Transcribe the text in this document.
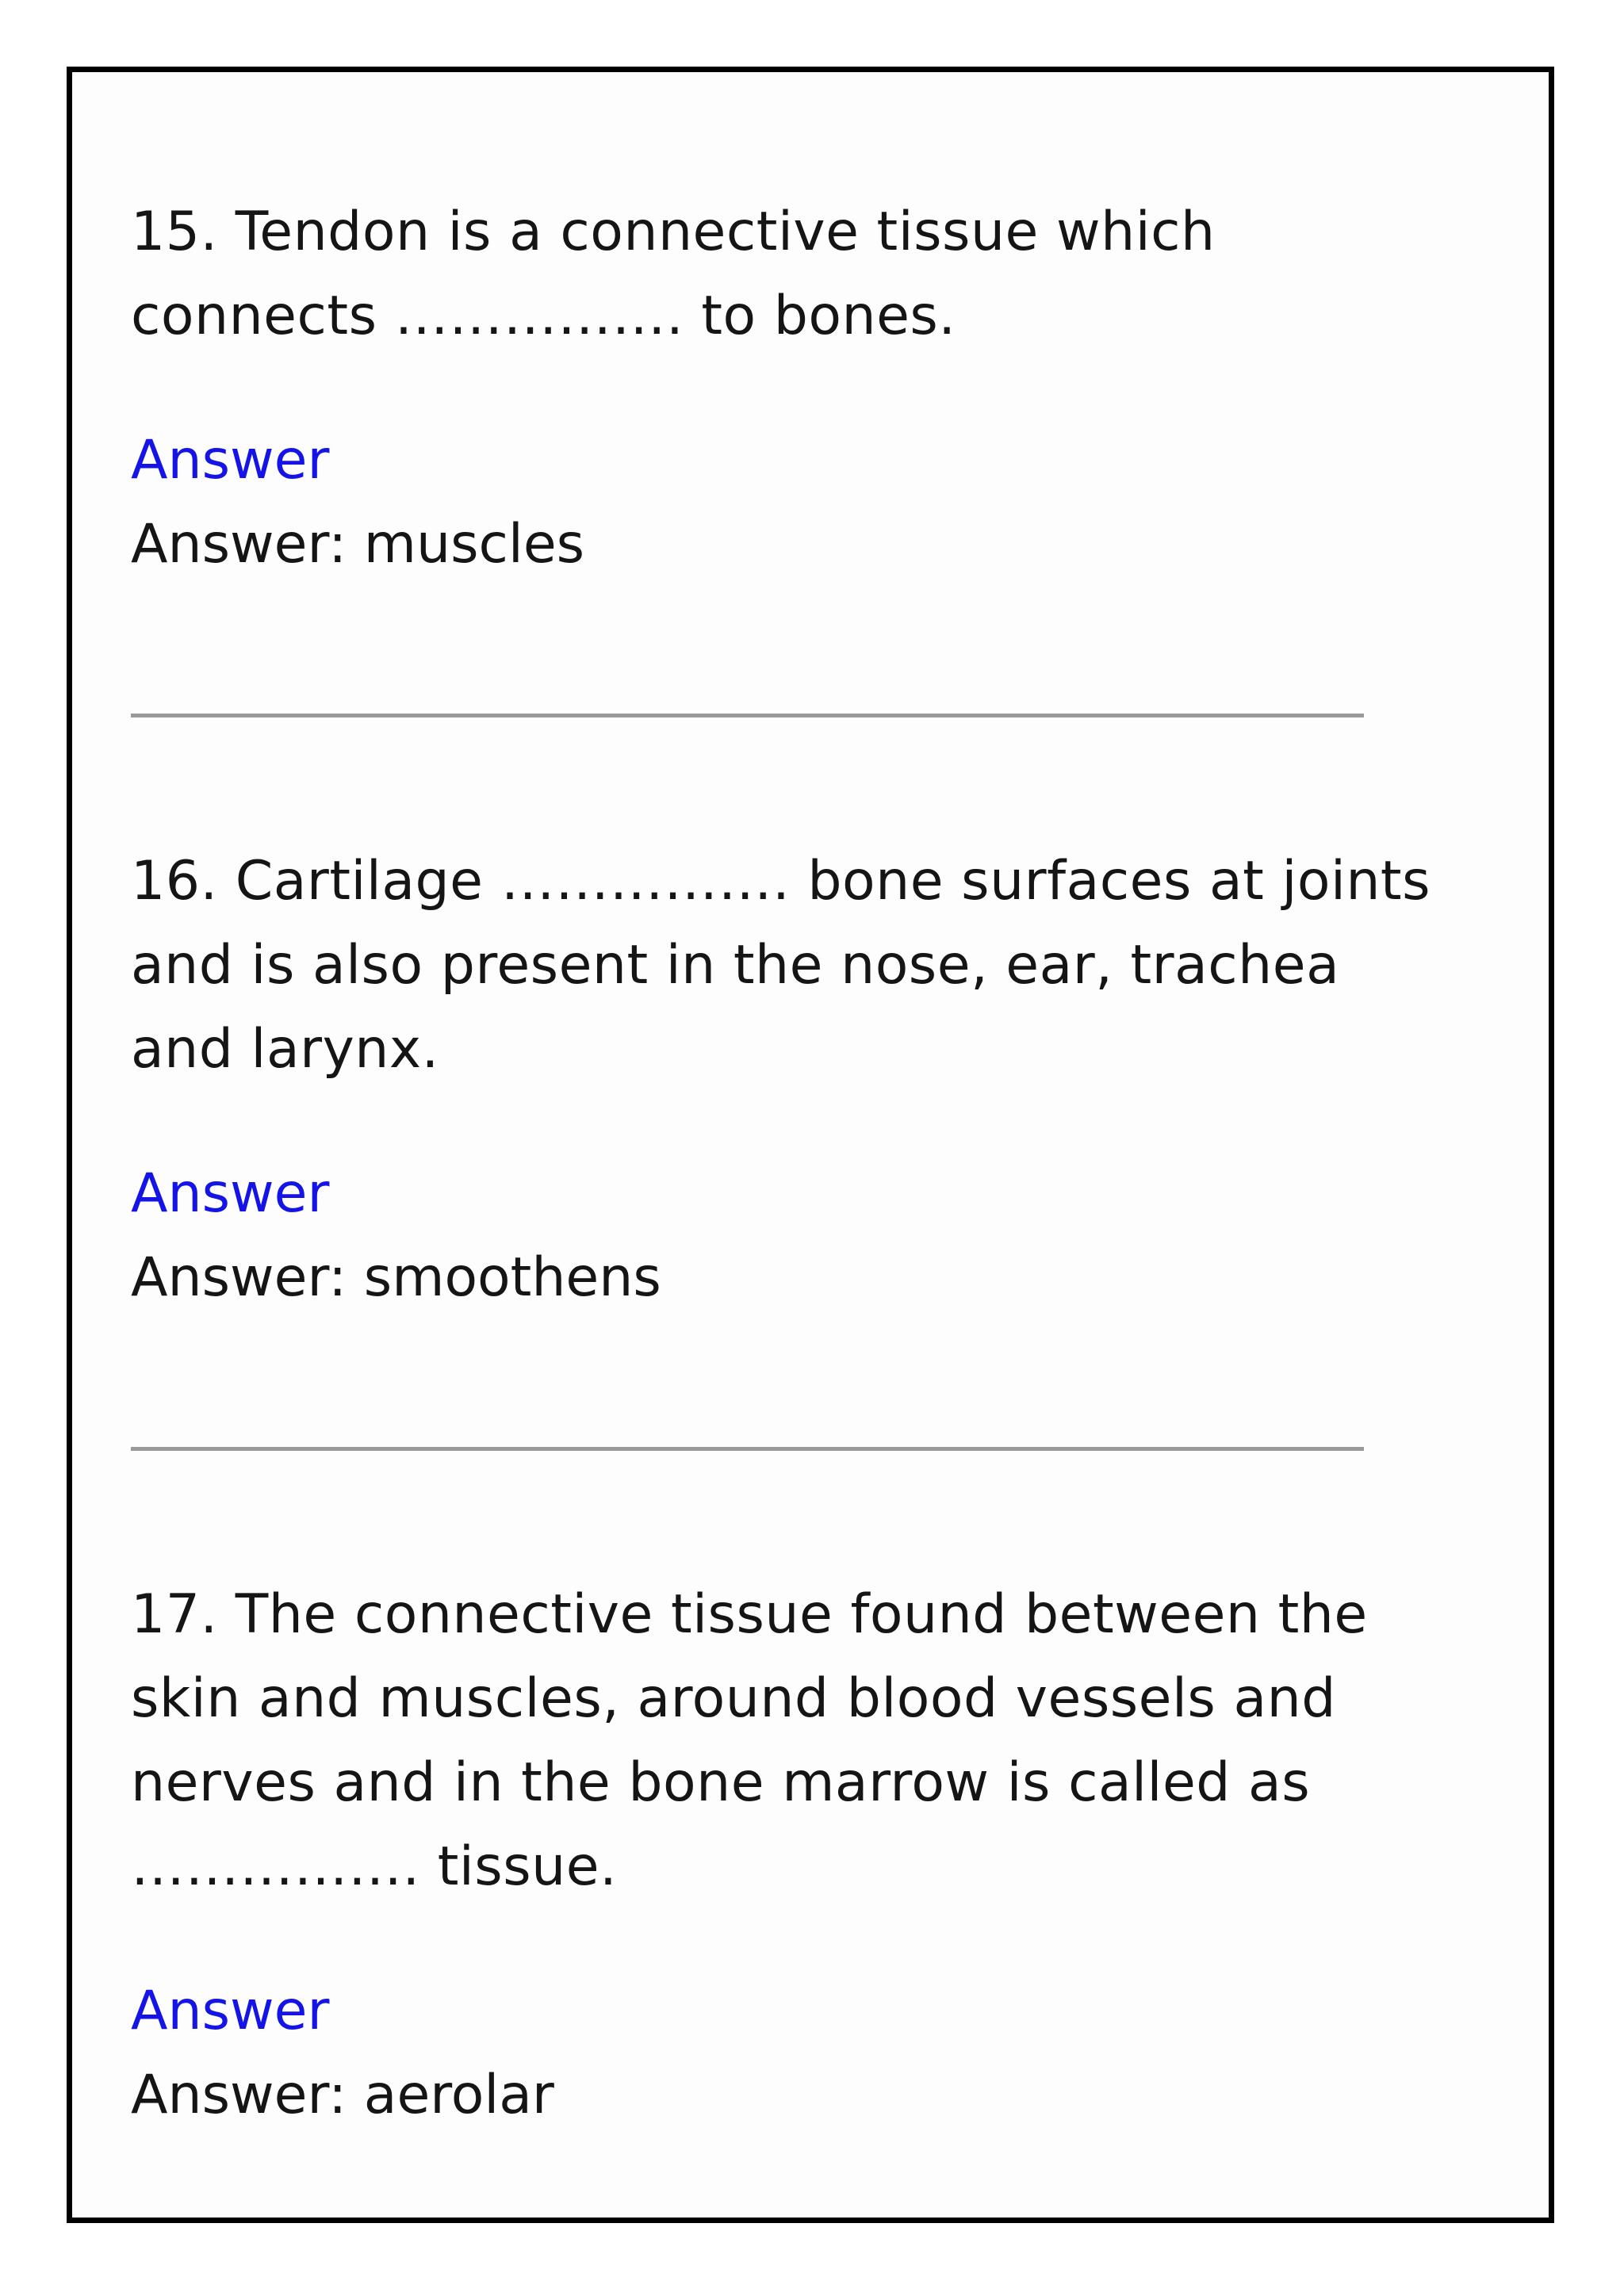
15. Tendon is a connective tissue which connects ……………. to bones.

Answer

Answer: muscles

16. Cartilage ……………. bone surfaces at joints and is also present in the nose, ear, trachea and larynx.

Answer

Answer: smoothens

17. The connective tissue found between the skin and muscles, around blood vessels and nerves and in the bone marrow is called as ……………. tissue.

Answer

Answer: aerolar
